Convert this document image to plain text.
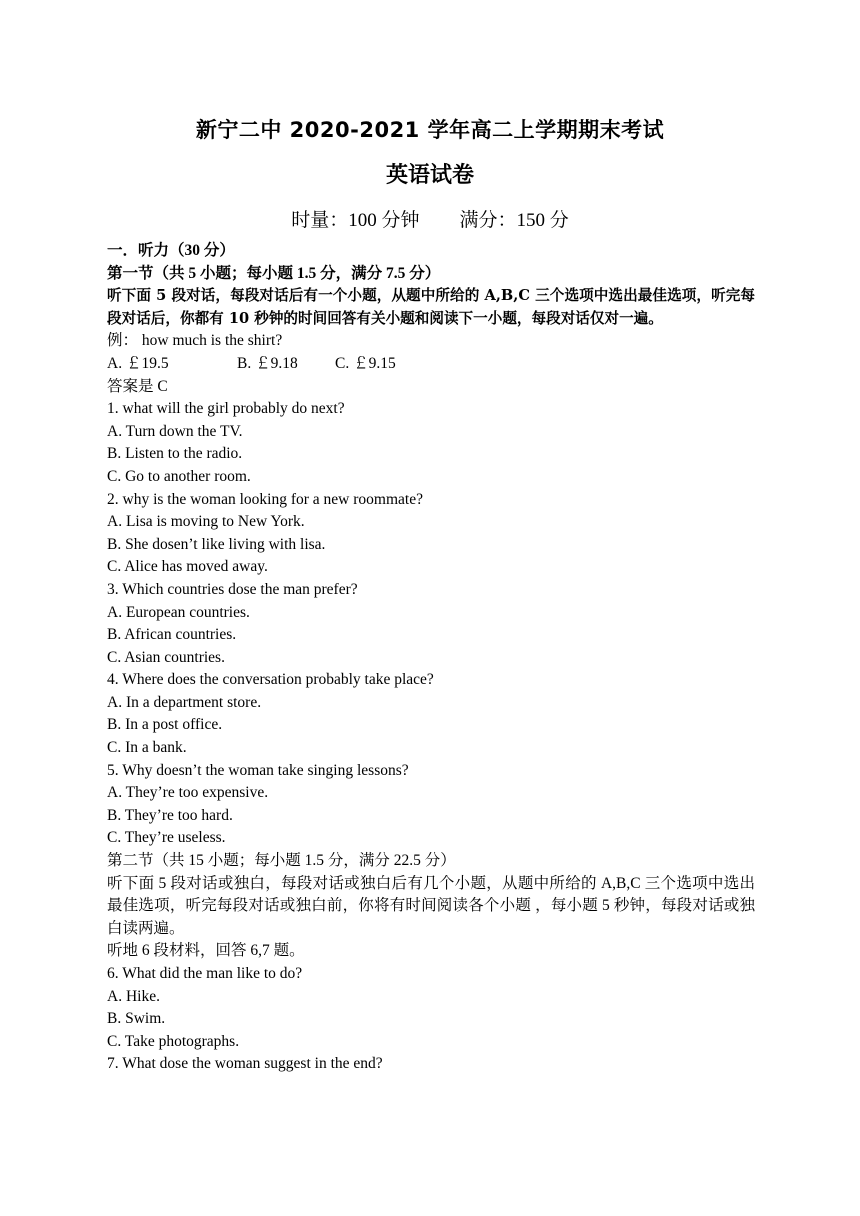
新宁二中 2020-2021 学年高二上学期期末考试
英语试卷
时量：100 分钟 满分：150 分
一．听力（30 分）
第一节（共 5 小题；每小题 1.5 分，满分 7.5 分）
听下面 5 段对话，每段对话后有一个小题，从题中所给的 A,B,C 三个选项中选出最佳选项，听完每段对话后，你都有 10 秒钟的时间回答有关小题和阅读下一小题，每段对话仅对一遍。
例： how much is the shirt?
A. ￡19.5	B. ￡9.18 C. ￡9.15
答案是 C
1. what will the girl probably do next?
A. Turn down the TV.
B. Listen to the radio.
C. Go to another room.
2. why is the woman looking for a new roommate?
A. Lisa is moving to New York.
B. She dosen’t like living with lisa.
C. Alice has moved away.
3. Which countries dose the man prefer?
A. European countries.
B. African countries.
C. Asian countries.
4. Where does the conversation probably take place?
A. In a department store.
B. In a post office.
C. In a bank.
5. Why doesn’t the woman take singing lessons?
A. They’re too expensive.
B. They’re too hard.
C. They’re useless.
第二节（共 15 小题；每小题 1.5 分，满分 22.5 分）
听下面 5 段对话或独白，每段对话或独白后有几个小题，从题中所给的 A,B,C 三个选项中选出最佳选项，听完每段对话或独白前，你将有时间阅读各个小题 ，每小题 5 秒钟，每段对话或独白读两遍。
听地 6 段材料，回答 6,7 题。
6. What did the man like to do?
A. Hike.
B. Swim.
C. Take photographs.
7. What dose the woman suggest in the end?
